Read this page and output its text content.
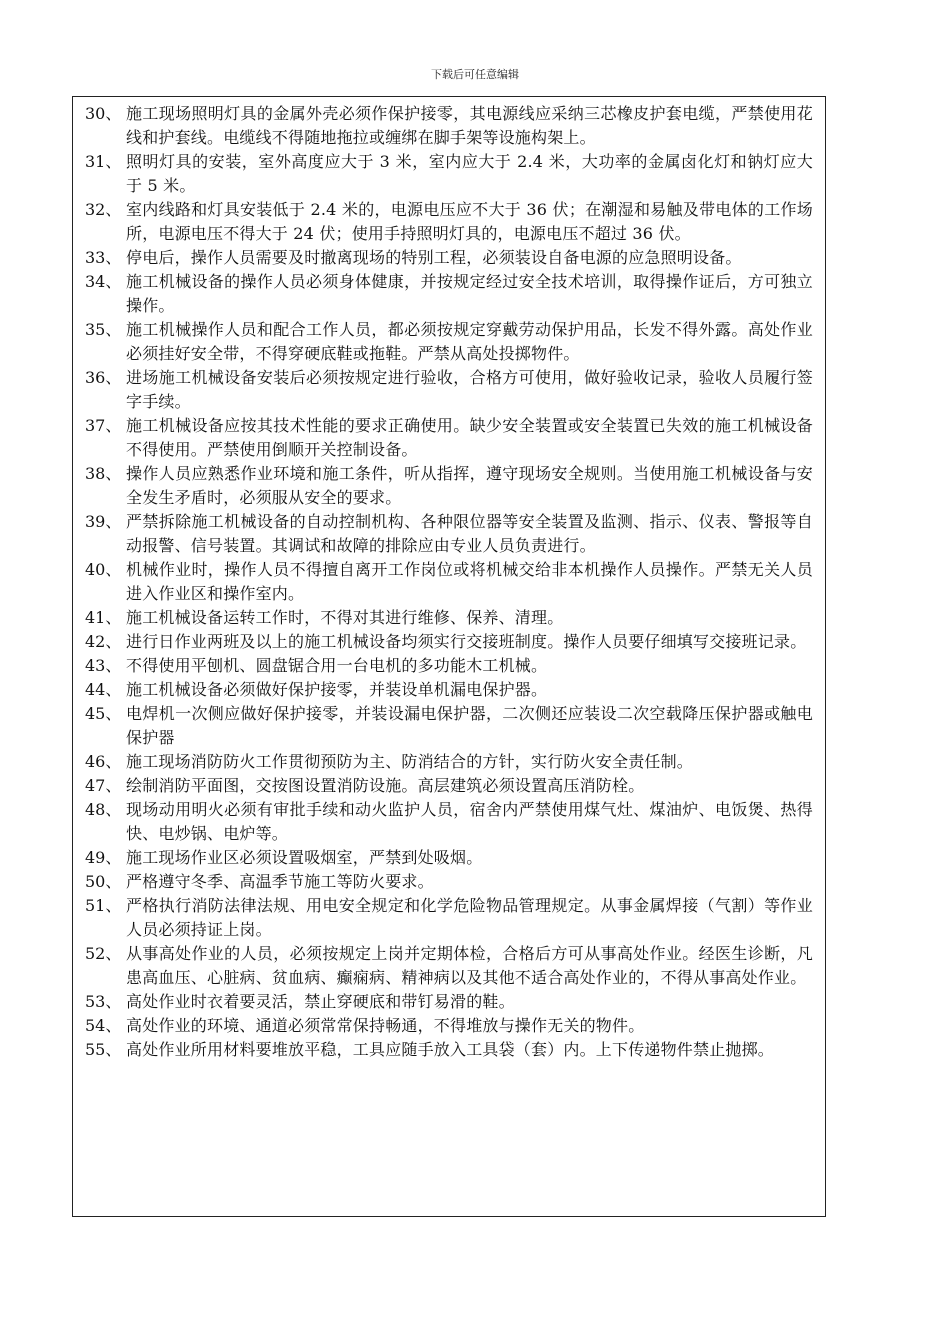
下载后可任意编辑
30、 施工现场照明灯具的金属外壳必须作保护接零，其电源线应采纳三芯橡皮护套电缆，严禁使用花线和护套线。电缆线不得随地拖拉或缠绑在脚手架等设施构架上。
31、 照明灯具的安装，室外高度应大于 3 米，室内应大于 2.4 米，大功率的金属卤化灯和钠灯应大于 5 米。
32、 室内线路和灯具安装低于 2.4 米的，电源电压应不大于 36 伏；在潮湿和易触及带电体的工作场所，电源电压不得大于 24 伏；使用手持照明灯具的，电源电压不超过 36 伏。
33、 停电后，操作人员需要及时撤离现场的特别工程，必须装设自备电源的应急照明设备。
34、 施工机械设备的操作人员必须身体健康，并按规定经过安全技术培训，取得操作证后，方可独立操作。
35、 施工机械操作人员和配合工作人员，都必须按规定穿戴劳动保护用品，长发不得外露。高处作业必须挂好安全带，不得穿硬底鞋或拖鞋。严禁从高处投掷物件。
36、 进场施工机械设备安装后必须按规定进行验收，合格方可使用，做好验收记录，验收人员履行签字手续。
37、 施工机械设备应按其技术性能的要求正确使用。缺少安全装置或安全装置已失效的施工机械设备不得使用。严禁使用倒顺开关控制设备。
38、 操作人员应熟悉作业环境和施工条件，听从指挥，遵守现场安全规则。当使用施工机械设备与安全发生矛盾时，必须服从安全的要求。
39、 严禁拆除施工机械设备的自动控制机构、各种限位器等安全装置及监测、指示、仪表、警报等自动报警、信号装置。其调试和故障的排除应由专业人员负责进行。
40、 机械作业时，操作人员不得擅自离开工作岗位或将机械交给非本机操作人员操作。严禁无关人员进入作业区和操作室内。
41、 施工机械设备运转工作时，不得对其进行维修、保养、清理。
42、 进行日作业两班及以上的施工机械设备均须实行交接班制度。操作人员要仔细填写交接班记录。
43、 不得使用平刨机、圆盘锯合用一台电机的多功能木工机械。
44、 施工机械设备必须做好保护接零，并装设单机漏电保护器。
45、 电焊机一次侧应做好保护接零，并装设漏电保护器，二次侧还应装设二次空载降压保护器或触电保护器
46、 施工现场消防防火工作贯彻预防为主、防消结合的方针，实行防火安全责任制。
47、 绘制消防平面图，交按图设置消防设施。高层建筑必须设置高压消防栓。
48、 现场动用明火必须有审批手续和动火监护人员，宿舍内严禁使用煤气灶、煤油炉、电饭煲、热得快、电炒锅、电炉等。
49、 施工现场作业区必须设置吸烟室，严禁到处吸烟。
50、 严格遵守冬季、高温季节施工等防火要求。
51、 严格执行消防法律法规、用电安全规定和化学危险物品管理规定。从事金属焊接（气割）等作业人员必须持证上岗。
52、 从事高处作业的人员，必须按规定上岗并定期体检，合格后方可从事高处作业。经医生诊断，凡患高血压、心脏病、贫血病、癫痫病、精神病以及其他不适合高处作业的，不得从事高处作业。
53、 高处作业时衣着要灵活，禁止穿硬底和带钉易滑的鞋。
54、 高处作业的环境、通道必须常常保持畅通，不得堆放与操作无关的物件。
55、 高处作业所用材料要堆放平稳，工具应随手放入工具袋（套）内。上下传递物件禁止抛掷。
